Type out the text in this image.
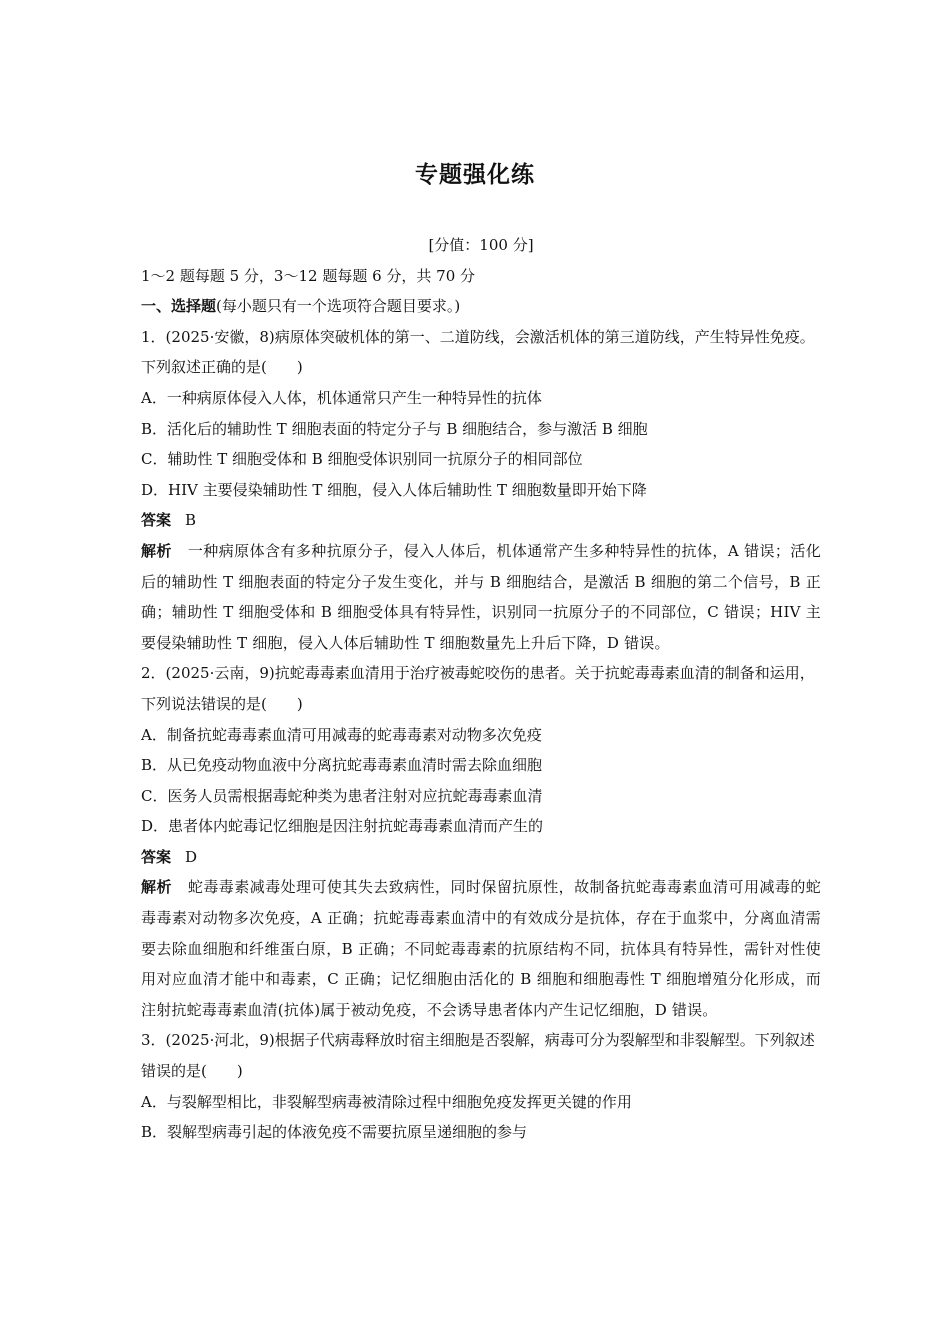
专题强化练

[分值：100 分]

1～2 题每题 5 分，3～12 题每题 6 分，共 70 分

一、选择题(每小题只有一个选项符合题目要求。)

1．(2025·安徽，8)病原体突破机体的第一、二道防线，会激活机体的第三道防线，产生特异性免疫。下列叙述正确的是(　　)

A．一种病原体侵入人体，机体通常只产生一种特异性的抗体

B．活化后的辅助性 T 细胞表面的特定分子与 B 细胞结合，参与激活 B 细胞

C．辅助性 T 细胞受体和 B 细胞受体识别同一抗原分子的相同部位

D．HIV 主要侵染辅助性 T 细胞，侵入人体后辅助性 T 细胞数量即开始下降

答案 B

解析 一种病原体含有多种抗原分子，侵入人体后，机体通常产生多种特异性的抗体，A 错误；活化后的辅助性 T 细胞表面的特定分子发生变化，并与 B 细胞结合，是激活 B 细胞的第二个信号，B 正确；辅助性 T 细胞受体和 B 细胞受体具有特异性，识别同一抗原分子的不同部位，C 错误；HIV 主要侵染辅助性 T 细胞，侵入人体后辅助性 T 细胞数量先上升后下降，D 错误。

2．(2025·云南，9)抗蛇毒毒素血清用于治疗被毒蛇咬伤的患者。关于抗蛇毒毒素血清的制备和运用，下列说法错误的是(　　)

A．制备抗蛇毒毒素血清可用减毒的蛇毒毒素对动物多次免疫

B．从已免疫动物血液中分离抗蛇毒毒素血清时需去除血细胞

C．医务人员需根据毒蛇种类为患者注射对应抗蛇毒毒素血清

D．患者体内蛇毒记忆细胞是因注射抗蛇毒毒素血清而产生的

答案 D

解析 蛇毒毒素减毒处理可使其失去致病性，同时保留抗原性，故制备抗蛇毒毒素血清可用减毒的蛇毒毒素对动物多次免疫，A 正确；抗蛇毒毒素血清中的有效成分是抗体，存在于血浆中，分离血清需要去除血细胞和纤维蛋白原，B 正确；不同蛇毒毒素的抗原结构不同，抗体具有特异性，需针对性使用对应血清才能中和毒素，C 正确；记忆细胞由活化的 B 细胞和细胞毒性 T 细胞增殖分化形成，而注射抗蛇毒毒素血清(抗体)属于被动免疫，不会诱导患者体内产生记忆细胞，D 错误。

3．(2025·河北，9)根据子代病毒释放时宿主细胞是否裂解，病毒可分为裂解型和非裂解型。下列叙述错误的是(　　)

A．与裂解型相比，非裂解型病毒被清除过程中细胞免疫发挥更关键的作用

B．裂解型病毒引起的体液免疫不需要抗原呈递细胞的参与
